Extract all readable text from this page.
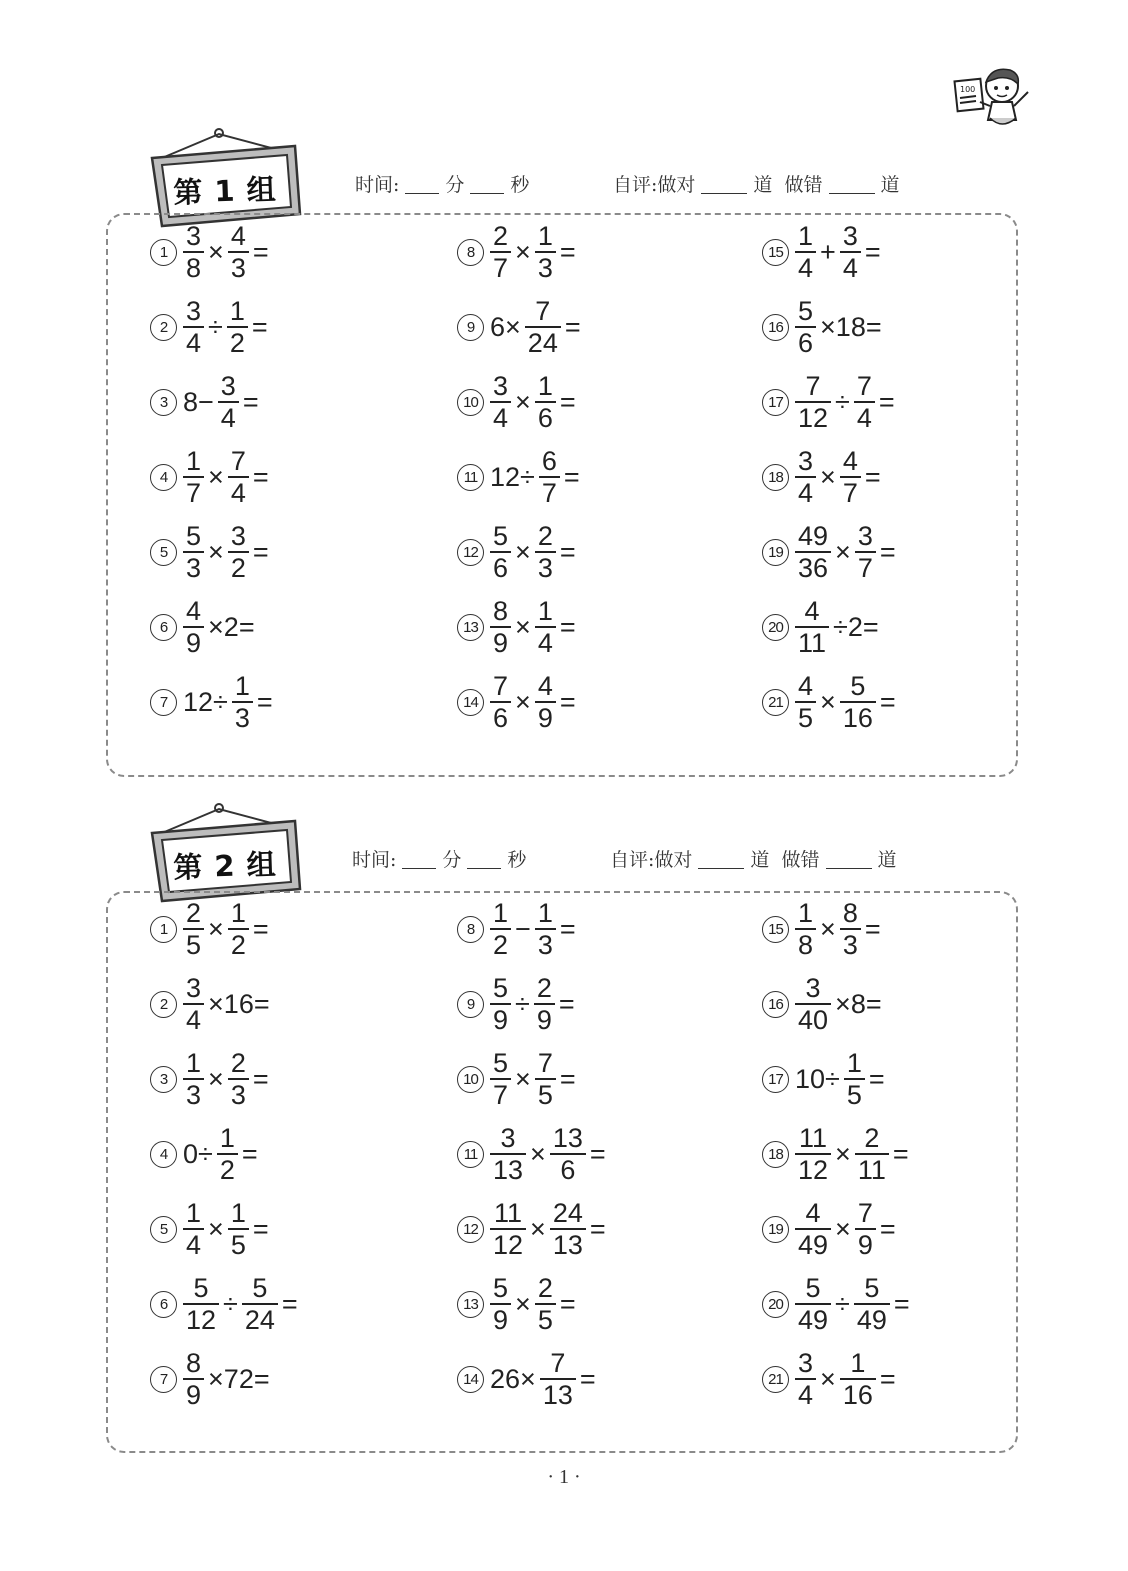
100
第 1 组	时间: 分 秒	自评:做对	道  做错	道
$1 \frac{3}{8} \times \frac{4}{3}$ =
$2 \frac{3}{4} \div \frac{1}{2}$ =
3 $8- \frac{3}{4}$ =
$4 \frac{1}{7} \times \frac{7}{4}$ =
$5 \frac{5}{3} \times \frac{3}{2}$ =
$6 \frac{4}{9} \times 2=$
7 $12\div \frac{1}{3}$ =
$8 \frac{2}{7} \times \frac{1}{3}$ =
9 $6\times \frac{7}{24}$ =
$10 \frac{3}{4} \times \frac{1}{6}$ =
11 $12\div \frac{6}{7}$ =
$12 \frac{5}{6} \times \frac{2}{3}$ =
$13 \frac{8}{9} \times \frac{1}{4}$ =
$14 \frac{7}{6} \times \frac{4}{9}$ =
$15 \frac{1}{4} + \frac{3}{4}$ =
$16 \frac{5}{6} \times 18=$
$17 \frac{7}{12} \div \frac{7}{4}$ =
$18 \frac{3}{4} \times \frac{4}{7}$ =
$19 \frac{49}{36} \times \frac{3}{7}$ =
$20 \frac{4}{11} \div 2=$
$21 \frac{4}{5} \times \frac{5}{16}$ =
第 2 组	时间: 分 秒	自评:做对	道  做错	道
$1 \frac{2}{5} \times \frac{1}{2}$ =
$2 \frac{3}{4} \times 16=$
$3 \frac{1}{3} \times \frac{2}{3}$ =
4 $0\div \frac{1}{2}$ =
$5 \frac{1}{4} \times \frac{1}{5}$ =
$6 \frac{5}{12} \div \frac{5}{24}$ =
$7 \frac{8}{9} \times 72=$
$8 \frac{1}{2} - \frac{1}{3}$ =
$9 \frac{5}{9} \div \frac{2}{9}$ =
$10 \frac{5}{7} \times \frac{7}{5}$ =
$11 \frac{3}{13} \times \frac{13}{6}$ =
$12 \frac{11}{12} \times \frac{24}{13}$ =
$13 \frac{5}{9} \times \frac{2}{5}$ =
14 $26\times \frac{7}{13}$ =
$15 \frac{1}{8} \times \frac{8}{3}$ =
$16 \frac{3}{40} \times 8=$
17 $10\div \frac{1}{5}$ =
$18 \frac{11}{12} \times \frac{2}{11}$ =
$19 \frac{4}{49} \times \frac{7}{9}$ =
$20 \frac{5}{49} \div \frac{5}{49}$ =
$21 \frac{3}{4} \times \frac{1}{16}$ =
· 1 ·
